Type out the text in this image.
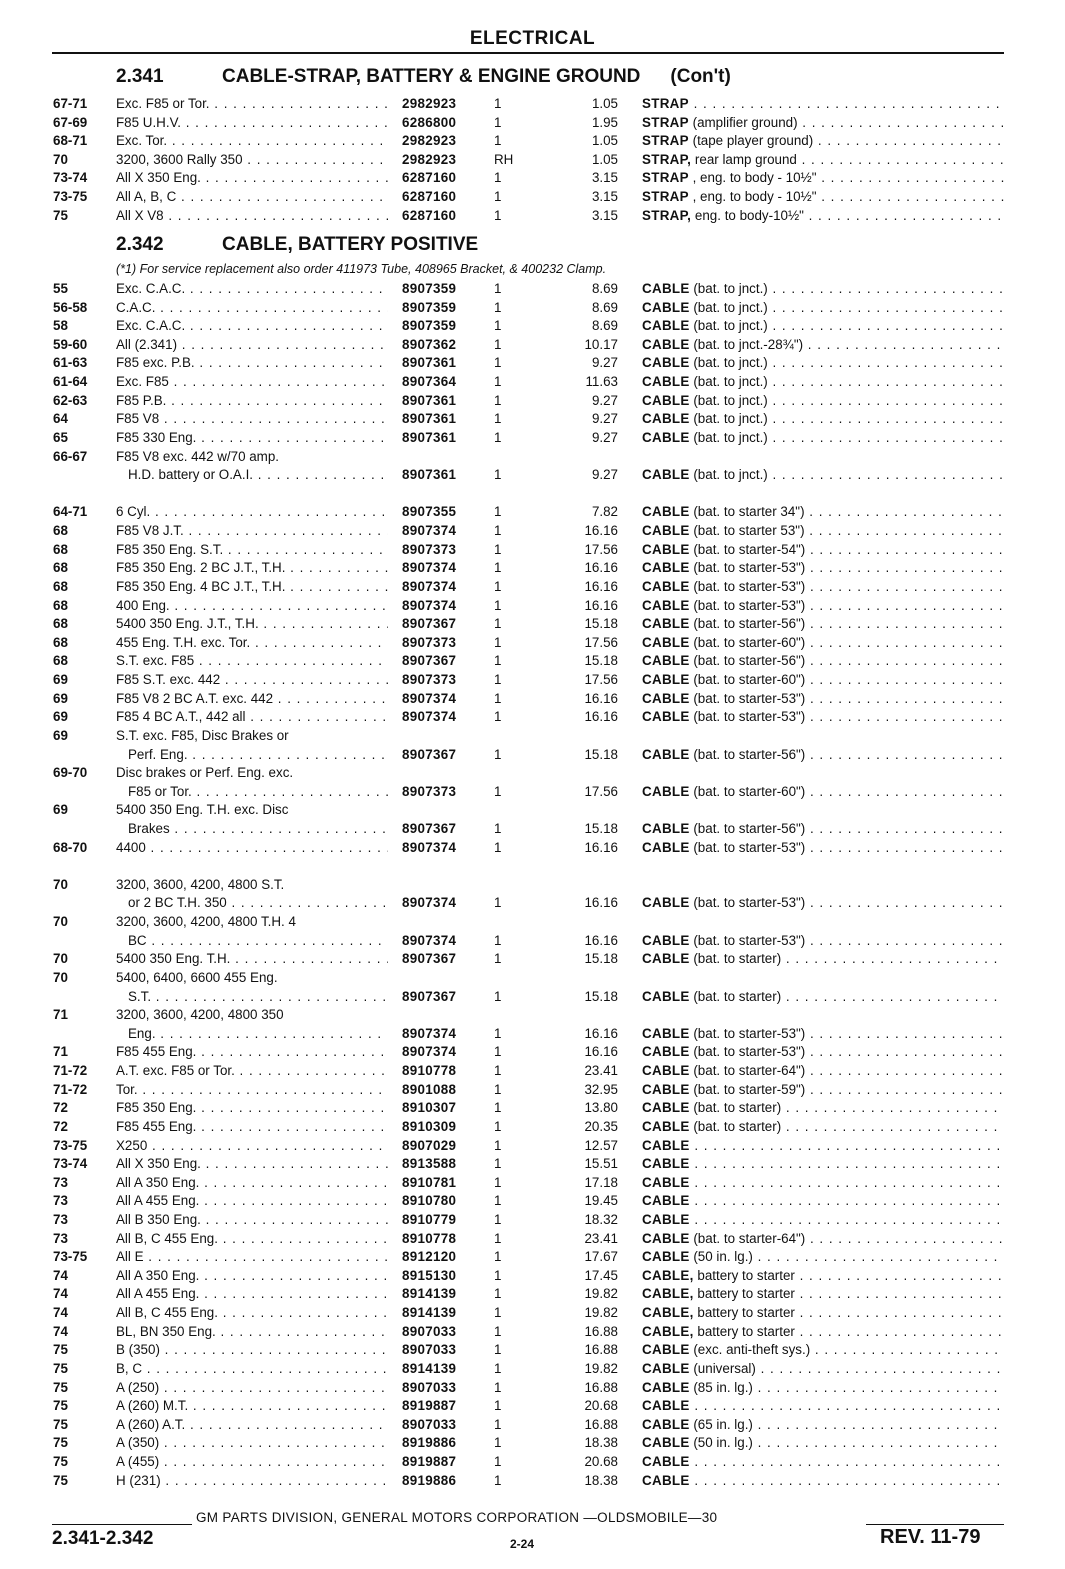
ELECTRICAL
2.341	CABLE-STRAP, BATTERY & ENGINE GROUND (Con't)
67-71 Exc. F85 or Tor. . . .	2982923	1	1.05 STRAP . . .
67-69 F85 U.H.V. . . .	6286800	1	1.95 STRAP (amplifier ground) . . .
68-71 Exc. Tor. . . .	2982923	1	1.05 STRAP (tape player ground) . . .
70	3200, 3600 Rally 350 . . .	2982923	RH	1.05 STRAP, rear lamp ground . . .
73-74 All X 350 Eng. . . .	6287160	1	3.15 STRAP , eng. to body - 10½" . . .
73-75 All A, B, C . . .	6287160	1	3.15 STRAP , eng. to body - 10½" . . .
75	All X V8 . . .	6287160	1	3.15 STRAP, eng. to body-10½" . . .
2.342	CABLE, BATTERY POSITIVE
(*1) For service replacement also order 411973 Tube, 408965 Bracket, & 400232 Clamp.
55	Exc. C.A.C. . . .	8907359	1	8.69 CABLE (bat. to jnct.) . . .
56-58 C.A.C. . . .	8907359	1	8.69 CABLE (bat. to jnct.) . . .
58	Exc. C.A.C. . . .	8907359	1	8.69 CABLE (bat. to jnct.) . . .
59-60 All (2.341) . . .	8907362	1	10.17 CABLE (bat. to jnct.-28¾") . . .
61-63 F85 exc. P.B. . . .	8907361	1	9.27 CABLE (bat. to jnct.) . . .
61-64 Exc. F85 . . .	8907364	1	11.63 CABLE (bat. to jnct.) . . .
62-63 F85 P.B. . . .	8907361	1	9.27 CABLE (bat. to jnct.) . . .
64	F85 V8 . . .	8907361	1	9.27 CABLE (bat. to jnct.) . . .
65	F85 330 Eng. . . .	8907361	1	9.27 CABLE (bat. to jnct.) . . .
66-67 F85 V8 exc. 442 w/70 amp.
H.D. battery or O.A.I. . . .	8907361	1	9.27 CABLE (bat. to jnct.) . . .
64-71 6 Cyl. . . .	8907355	1	7.82 CABLE (bat. to starter 34") . . .
68	F85 V8 J.T. . . .	8907374	1	16.16 CABLE (bat. to starter 53") . . .
68	F85 350 Eng. S.T. . . .	8907373	1	17.56 CABLE (bat. to starter-54") . . .
68	F85 350 Eng. 2 BC J.T., T.H. . . .	8907374	1	16.16 CABLE (bat. to starter-53") . . .
68	F85 350 Eng. 4 BC J.T., T.H. . . .	8907374	1	16.16 CABLE (bat. to starter-53") . . .
68	400 Eng. . . .	8907374	1	16.16 CABLE (bat. to starter-53") . . .
68	5400 350 Eng. J.T., T.H. . . .	8907367	1	15.18 CABLE (bat. to starter-56") . . .
68	455 Eng. T.H. exc. Tor. . . .	8907373	1	17.56 CABLE (bat. to starter-60") . . .
68	S.T. exc. F85 . . .	8907367	1	15.18 CABLE (bat. to starter-56") . . .
69	F85 S.T. exc. 442 . . .	8907373	1	17.56 CABLE (bat. to starter-60") . . .
69	F85 V8 2 BC A.T. exc. 442 . . .	8907374	1	16.16 CABLE (bat. to starter-53") . . .
69	F85 4 BC A.T., 442 all . . .	8907374	1	16.16 CABLE (bat. to starter-53") . . .
69	S.T. exc. F85, Disc Brakes or
Perf. Eng. . . .	8907367	1	15.18 CABLE (bat. to starter-56") . . .
69-70 Disc brakes or Perf. Eng. exc.
F85 or Tor. . . .	8907373	1	17.56 CABLE (bat. to starter-60") . . .
69	5400 350 Eng. T.H. exc. Disc
Brakes . . .	8907367	1	15.18 CABLE (bat. to starter-56") . . .
68-70 4400 . . .	8907374	1	16.16 CABLE (bat. to starter-53") . . .
70	3200, 3600, 4200, 4800 S.T.
or 2 BC T.H. 350 . . .	8907374	1	16.16 CABLE (bat. to starter-53") . . .
70	3200, 3600, 4200, 4800 T.H. 4
BC . . .	8907374	1	16.16 CABLE (bat. to starter-53") . . .
70	5400 350 Eng. T.H. . . .	8907367	1	15.18 CABLE (bat. to starter) . . .
70	5400, 6400, 6600 455 Eng.
S.T. . . .	8907367	1	15.18 CABLE (bat. to starter) . . .
71	3200, 3600, 4200, 4800 350
Eng. . . .	8907374	1	16.16 CABLE (bat. to starter-53") . . .
71	F85 455 Eng. . . .	8907374	1	16.16 CABLE (bat. to starter-53") . . .
71-72 A.T. exc. F85 or Tor. . . .	8910778	1	23.41 CABLE (bat. to starter-64") . . .
71-72 Tor. . . .	8901088	1	32.95 CABLE (bat. to starter-59") . . .
72	F85 350 Eng. . . .	8910307	1	13.80 CABLE (bat. to starter) . . .
72	F85 455 Eng. . . .	8910309	1	20.35 CABLE (bat. to starter) . . .
73-75 X250 . . .	8907029	1	12.57 CABLE . . .
73-74 All X 350 Eng. . . .	8913588	1	15.51 CABLE . . .
73	All A 350 Eng. . . .	8910781	1	17.18 CABLE . . .
73	All A 455 Eng. . . .	8910780	1	19.45 CABLE . . .
73	All B 350 Eng. . . .	8910779	1	18.32 CABLE . . .
73	All B, C 455 Eng. . . .	8910778	1	23.41 CABLE (bat. to starter-64") . . .
73-75 All E . . .	8912120	1	17.67 CABLE (50 in. lg.) . . .
74	All A 350 Eng. . . .	8915130	1	17.45 CABLE, battery to starter . . .
74	All A 455 Eng. . . .	8914139	1	19.82 CABLE, battery to starter . . .
74	All B, C 455 Eng. . . .	8914139	1	19.82 CABLE, battery to starter . . .
74	BL, BN 350 Eng. . . .	8907033	1	16.88 CABLE, battery to starter . . .
75	B (350) . . .	8907033	1	16.88 CABLE (exc. anti-theft sys.) . . .
75	B, C . . .	8914139	1	19.82 CABLE (universal) . . .
75	A (250) . . .	8907033	1	16.88 CABLE (85 in. lg.) . . .
75	A (260) M.T. . . .	8919887	1	20.68 CABLE . . .
75	A (260) A.T. . . .	8907033	1	16.88 CABLE (65 in. lg.) . . .
75	A (350) . . .	8919886	1	18.38 CABLE (50 in. lg.) . . .
75	A (455) . . .	8919887	1	20.68 CABLE . . .
75	H (231) . . .	8919886	1	18.38 CABLE . . .
GM PARTS DIVISION, GENERAL MOTORS CORPORATION —OLDSMOBILE—30
2.341-2.342	2-24	REV. 11-79
